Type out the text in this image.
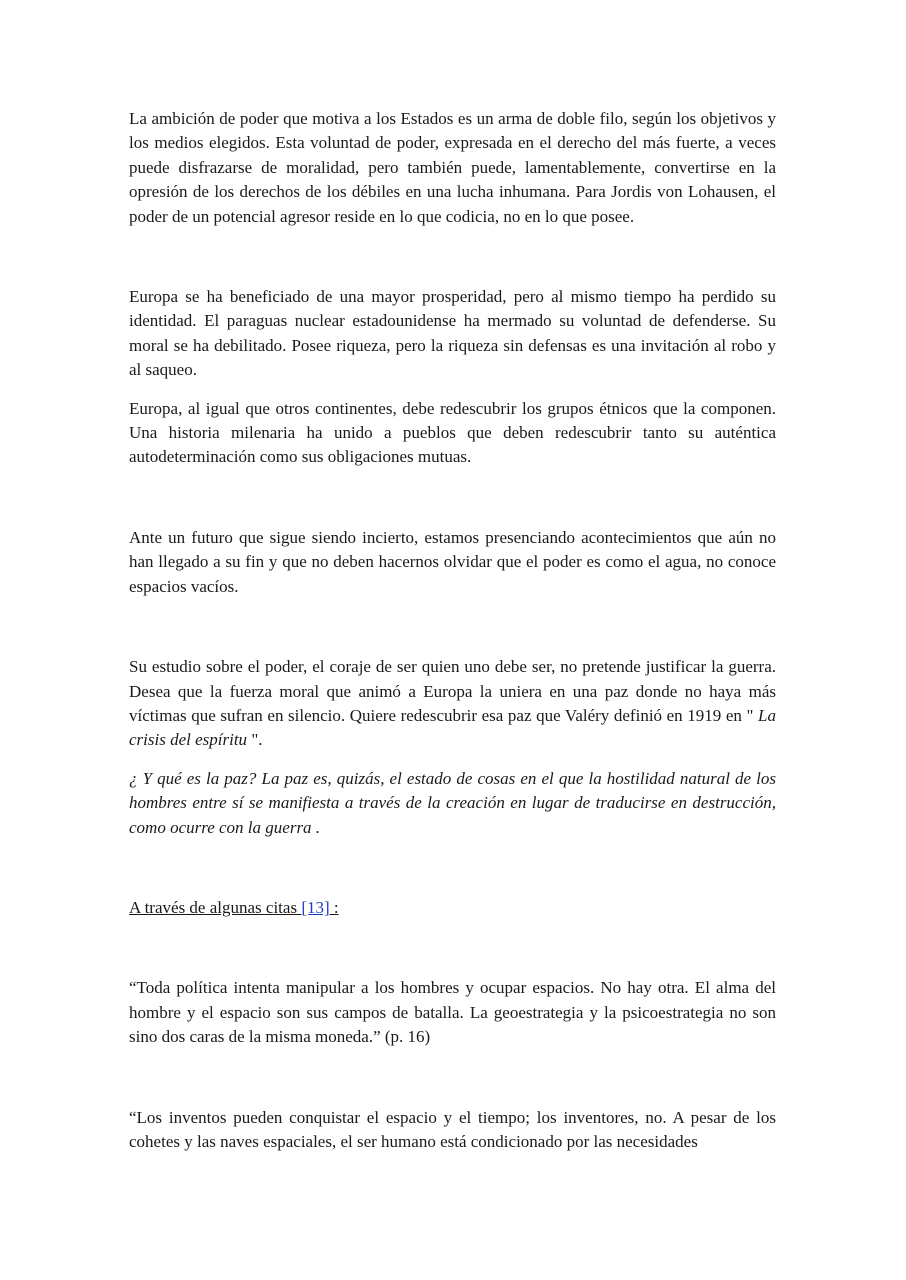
La ambición de poder que motiva a los Estados es un arma de doble filo, según los objetivos y los medios elegidos. Esta voluntad de poder, expresada en el derecho del más fuerte, a veces puede disfrazarse de moralidad, pero también puede, lamentablemente, convertirse en la opresión de los derechos de los débiles en una lucha inhumana. Para Jordis von Lohausen, el poder de un potencial agresor reside en lo que codicia, no en lo que posee.

Europa se ha beneficiado de una mayor prosperidad, pero al mismo tiempo ha perdido su identidad. El paraguas nuclear estadounidense ha mermado su voluntad de defenderse. Su moral se ha debilitado. Posee riqueza, pero la riqueza sin defensas es una invitación al robo y al saqueo.

Europa, al igual que otros continentes, debe redescubrir los grupos étnicos que la componen. Una historia milenaria ha unido a pueblos que deben redescubrir tanto su auténtica autodeterminación como sus obligaciones mutuas.

Ante un futuro que sigue siendo incierto, estamos presenciando acontecimientos que aún no han llegado a su fin y que no deben hacernos olvidar que el poder es como el agua, no conoce espacios vacíos.

Su estudio sobre el poder, el coraje de ser quien uno debe ser, no pretende justificar la guerra. Desea que la fuerza moral que animó a Europa la uniera en una paz donde no haya más víctimas que sufran en silencio. Quiere redescubrir esa paz que Valéry definió en 1919 en " La crisis del espíritu ".

¿ Y qué es la paz? La paz es, quizás, el estado de cosas en el que la hostilidad natural de los hombres entre sí se manifiesta a través de la creación en lugar de traducirse en destrucción, como ocurre con la guerra .

A través de algunas citas [13] :

“Toda política intenta manipular a los hombres y ocupar espacios. No hay otra. El alma del hombre y el espacio son sus campos de batalla. La geoestrategia y la psicoestrategia no son sino dos caras de la misma moneda.” (p. 16)

“Los inventos pueden conquistar el espacio y el tiempo; los inventores, no. A pesar de los cohetes y las naves espaciales, el ser humano está condicionado por las necesidades
